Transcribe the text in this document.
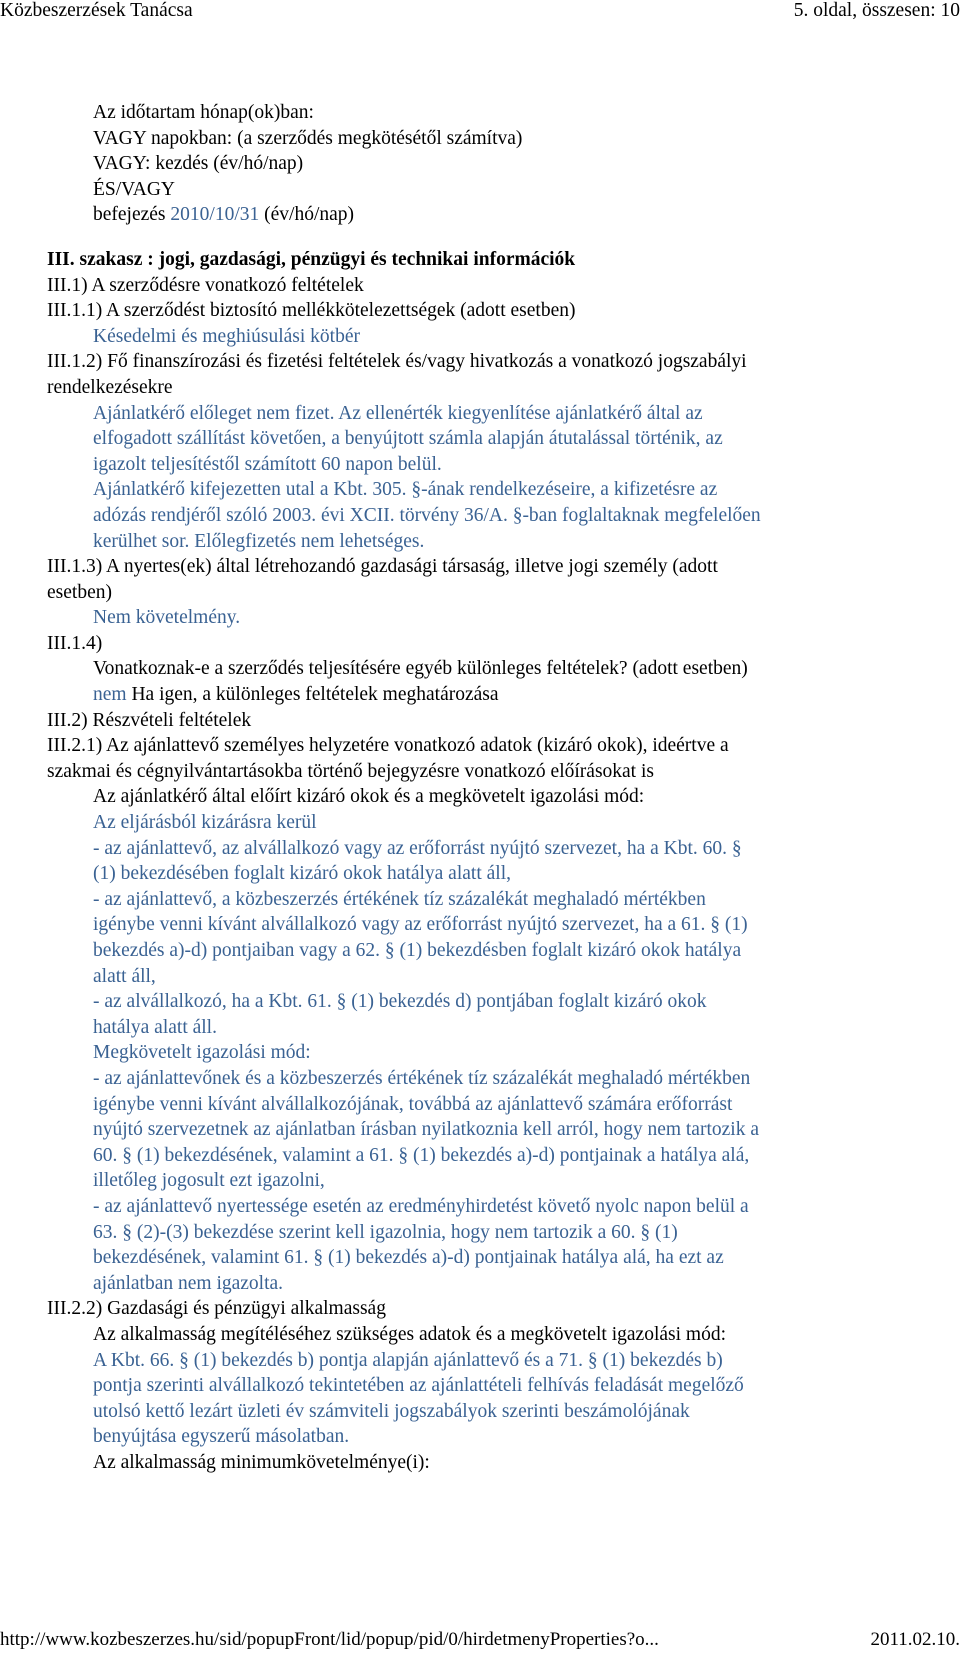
Közbeszerzések Tanácsa	5. oldal, összesen: 10
Az időtartam hónap(ok)ban:
VAGY napokban: (a szerződés megkötésétől számítva)
VAGY: kezdés (év/hó/nap)
ÉS/VAGY
befejezés 2010/10/31 (év/hó/nap)
III. szakasz : jogi, gazdasági, pénzügyi és technikai információk
III.1) A szerződésre vonatkozó feltételek
III.1.1) A szerződést biztosító mellékkötelezettségek (adott esetben)
Késedelmi és meghiúsulási kötbér
III.1.2) Fő finanszírozási és fizetési feltételek és/vagy hivatkozás a vonatkozó jogszabályi
rendelkezésekre
Ajánlatkérő előleget nem fizet. Az ellenérték kiegyenlítése ajánlatkérő által az
elfogadott szállítást követően, a benyújtott számla alapján átutalással történik, az
igazolt teljesítéstől számított 60 napon belül.
Ajánlatkérő kifejezetten utal a Kbt. 305. §-ának rendelkezéseire, a kifizetésre az
adózás rendjéről szóló 2003. évi XCII. törvény 36/A. §-ban foglaltaknak megfelelően
kerülhet sor. Előlegfizetés nem lehetséges.
III.1.3) A nyertes(ek) által létrehozandó gazdasági társaság, illetve jogi személy (adott
esetben)
Nem követelmény.
III.1.4)
Vonatkoznak-e a szerződés teljesítésére egyéb különleges feltételek? (adott esetben)
nem Ha igen, a különleges feltételek meghatározása
III.2) Részvételi feltételek
III.2.1) Az ajánlattevő személyes helyzetére vonatkozó adatok (kizáró okok), ideértve a
szakmai és cégnyilvántartásokba történő bejegyzésre vonatkozó előírásokat is
Az ajánlatkérő által előírt kizáró okok és a megkövetelt igazolási mód:
Az eljárásból kizárásra kerül
- az ajánlattevő, az alvállalkozó vagy az erőforrást nyújtó szervezet, ha a Kbt. 60. §
(1) bekezdésében foglalt kizáró okok hatálya alatt áll,
- az ajánlattevő, a közbeszerzés értékének tíz százalékát meghaladó mértékben
igénybe venni kívánt alvállalkozó vagy az erőforrást nyújtó szervezet, ha a 61. § (1)
bekezdés a)-d) pontjaiban vagy a 62. § (1) bekezdésben foglalt kizáró okok hatálya
alatt áll,
- az alvállalkozó, ha a Kbt. 61. § (1) bekezdés d) pontjában foglalt kizáró okok
hatálya alatt áll.
Megkövetelt igazolási mód:
- az ajánlattevőnek és a közbeszerzés értékének tíz százalékát meghaladó mértékben
igénybe venni kívánt alvállalkozójának, továbbá az ajánlattevő számára erőforrást
nyújtó szervezetnek az ajánlatban írásban nyilatkoznia kell arról, hogy nem tartozik a
60. § (1) bekezdésének, valamint a 61. § (1) bekezdés a)-d) pontjainak a hatálya alá,
illetőleg jogosult ezt igazolni,
- az ajánlattevő nyertessége esetén az eredményhirdetést követő nyolc napon belül a
63. § (2)-(3) bekezdése szerint kell igazolnia, hogy nem tartozik a 60. § (1)
bekezdésének, valamint 61. § (1) bekezdés a)-d) pontjainak hatálya alá, ha ezt az
ajánlatban nem igazolta.
III.2.2) Gazdasági és pénzügyi alkalmasság
Az alkalmasság megítéléséhez szükséges adatok és a megkövetelt igazolási mód:
A Kbt. 66. § (1) bekezdés b) pontja alapján ajánlattevő és a 71. § (1) bekezdés b)
pontja szerinti alvállalkozó tekintetében az ajánlattételi felhívás feladását megelőző
utolsó kettő lezárt üzleti év számviteli jogszabályok szerinti beszámolójának
benyújtása egyszerű másolatban.
Az alkalmasság minimumkövetelménye(i):
http://www.kozbeszerzes.hu/sid/popupFront/lid/popup/pid/0/hirdetmenyProperties?o...	2011.02.10.
